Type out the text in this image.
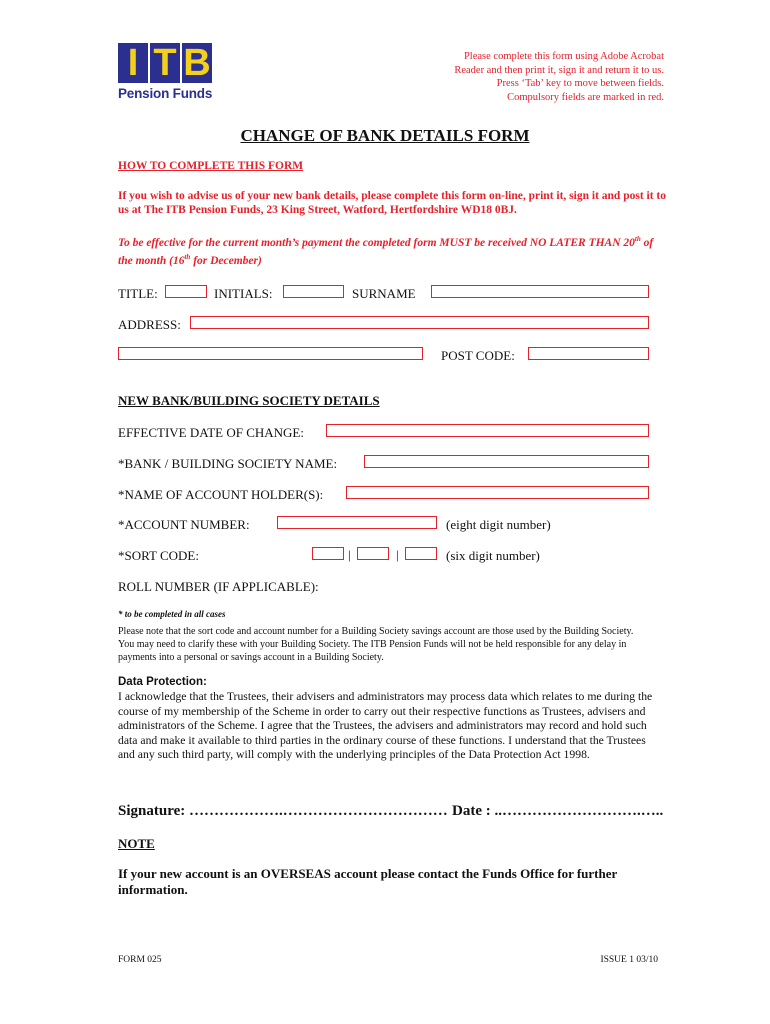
I T B
Pension Funds
Please complete this form using Adobe Acrobat
Reader and then print it, sign it and return it to us.
Press ‘Tab’ key to move between fields.
Compulsory fields are marked in red.
CHANGE OF BANK DETAILS FORM
HOW TO COMPLETE THIS FORM
If you wish to advise us of your new bank details, please complete this form on-line, print it, sign it and post it to us at The ITB Pension Funds, 23 King Street, Watford, Hertfordshire WD18 0BJ.
To be effective for the current month’s payment the completed form MUST be received NO LATER THAN 20th of the month (16th for December)
TITLE:	INITIALS:	SURNAME
ADDRESS:
POST CODE:
NEW BANK/BUILDING SOCIETY DETAILS
EFFECTIVE DATE OF CHANGE:
*BANK / BUILDING SOCIETY NAME:
*NAME OF ACCOUNT HOLDER(S):
*ACCOUNT NUMBER:	(eight digit number)
*SORT CODE:	|	|	(six digit number)
ROLL NUMBER (IF APPLICABLE):
* to be completed in all cases
Please note that the sort code and account number for a Building Society savings account are those used by the Building Society. You may need to clarify these with your Building Society. The ITB Pension Funds will not be held responsible for any delay in payments into a personal or savings account in a Building Society.
Data Protection:
I acknowledge that the Trustees, their advisers and administrators may process data which relates to me during the course of my membership of the Scheme in order to carry out their respective functions as Trustees, advisers and administrators of the Scheme. I agree that the Trustees, the advisers and administrators may record and hold such data and make it available to third parties in the ordinary course of these functions. I understand that the Trustees and any such third party, will comply with the underlying principles of the Data Protection Act 1998.
Signature: ……………….…………………………… Date : ..……………………….…..
NOTE
If your new account is an OVERSEAS account please contact the Funds Office for further information.
FORM 025	ISSUE 1 03/10
